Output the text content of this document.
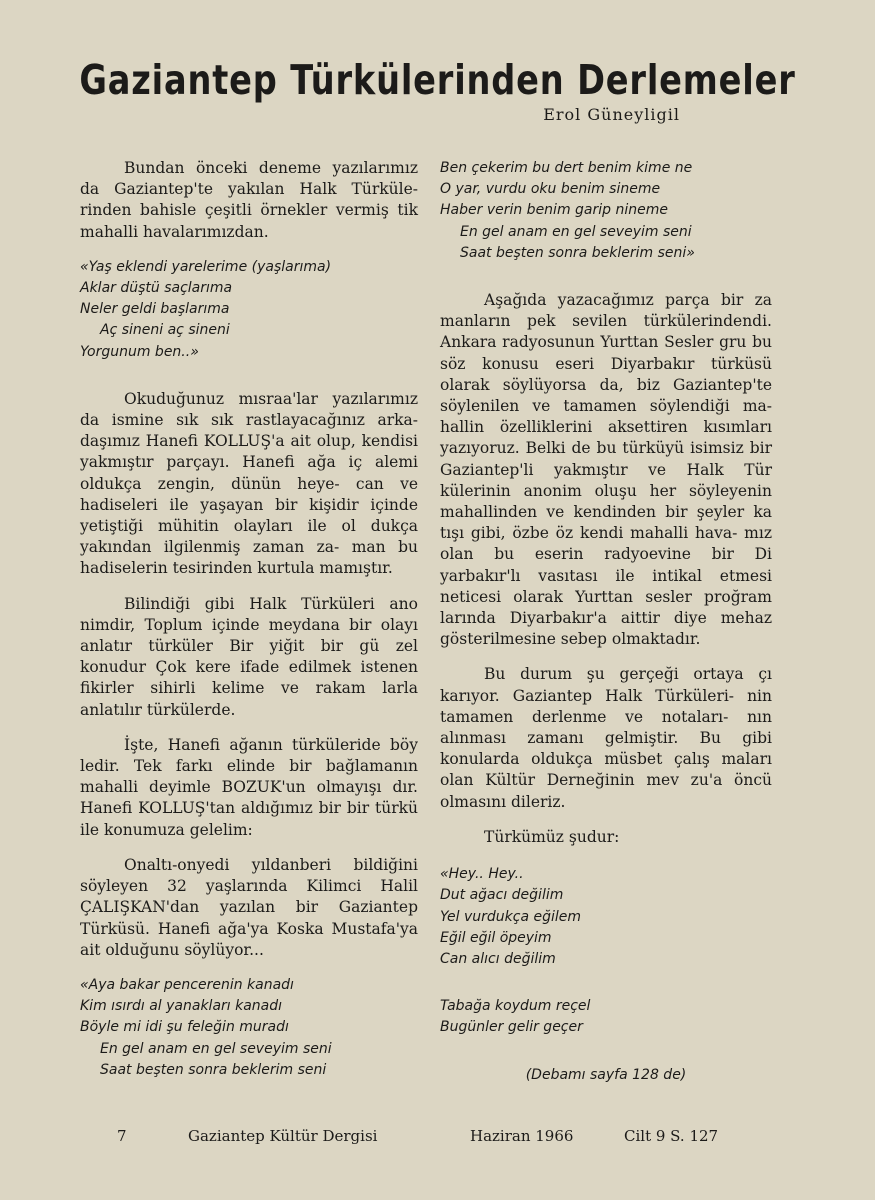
Gaziantep Türkülerinden Derlemeler
Erol Güneyligil

Bundan önceki deneme yazılarımız da Gaziantep'te yakılan Halk Türküle- rinden bahisle çeşitli örnekler vermiş tik mahalli havalarımızdan.

«Yaş eklendi yarelerime (yaşlarıma)
Aklar düştü saçlarıma
Neler geldi başlarıma
Aç sineni aç sineni
Yorgunum ben..»

Okuduğunuz mısraa'lar yazılarımız da ismine sık sık rastlayacağınız arka- daşımız Hanefi KOLLUŞ'a ait olup, kendisi yakmıştır parçayı. Hanefi ağa iç alemi oldukça zengin, dünün heye- can ve hadiseleri ile yaşayan bir kişidir içinde yetiştiği mühitin olayları ile ol dukça yakından ilgilenmiş zaman za- man bu hadiselerin tesirinden kurtula mamıştır.

Bilindiği gibi Halk Türküleri ano nimdir, Toplum içinde meydana bir olayı anlatır türküler Bir yiğit bir gü zel konudur Çok kere ifade edilmek istenen fikirler sihirli kelime ve rakam larla anlatılır türkülerde.

İşte, Hanefi ağanın türküleride böy ledir. Tek farkı elinde bir bağlamanın mahalli deyimle BOZUK'un olmayışı dır. Hanefi KOLLUŞ'tan aldığımız bir bir türkü ile konumuza gelelim:

Onaltı-onyedi yıldanberi bildiğini söyleyen 32 yaşlarında Kilimci Halil ÇALIŞKAN'dan yazılan bir Gaziantep Türküsü. Hanefi ağa'ya Koska Mustafa'ya ait olduğunu söylüyor...

«Aya bakar pencerenin kanadı
Kim ısırdı al yanakları kanadı
Böyle mi idi şu feleğin muradı
En gel anam en gel seveyim seni
Saat beşten sonra beklerim seni
Ben çekerim bu dert benim kime ne
O yar, vurdu oku benim sineme
Haber verin benim garip nineme
En gel anam en gel seveyim seni
Saat beşten sonra beklerim seni»

Aşağıda yazacağımız parça bir za manların pek sevilen türkülerindendi. Ankara radyosunun Yurttan Sesler gru bu söz konusu eseri Diyarbakır türküsü olarak söylüyorsa da, biz Gaziantep'te söylenilen ve tamamen söylendiği ma- hallin özelliklerini aksettiren kısımları yazıyoruz. Belki de bu türküyü isimsiz bir Gaziantep'li yakmıştır ve Halk Tür külerinin anonim oluşu her söyleyenin mahallinden ve kendinden bir şeyler ka tışı gibi, özbe öz kendi mahalli hava- mız olan bu eserin radyoevine bir Di yarbakır'lı vasıtası ile intikal etmesi neticesi olarak Yurttan sesler proğram larında Diyarbakır'a aittir diye mehaz gösterilmesine sebep olmaktadır.

Bu durum şu gerçeği ortaya çı karıyor. Gaziantep Halk Türküleri- nin tamamen derlenme ve notaları- nın alınması zamanı gelmiştir. Bu gibi konularda oldukça müsbet çalış maları olan Kültür Derneğinin mev zu'a öncü olmasını dileriz.

Türkümüz şudur:

«Hey.. Hey..
Dut ağacı değilim
Yel vurdukça eğilem
Eğil eğil öpeyim
Can alıcı değilim
Tabağa koydum reçel
Bugünler gelir geçer
(Debamı sayfa 128 de)
7	Gaziantep Kültür Dergisi	Haziran 1966	Cilt 9 S. 127
